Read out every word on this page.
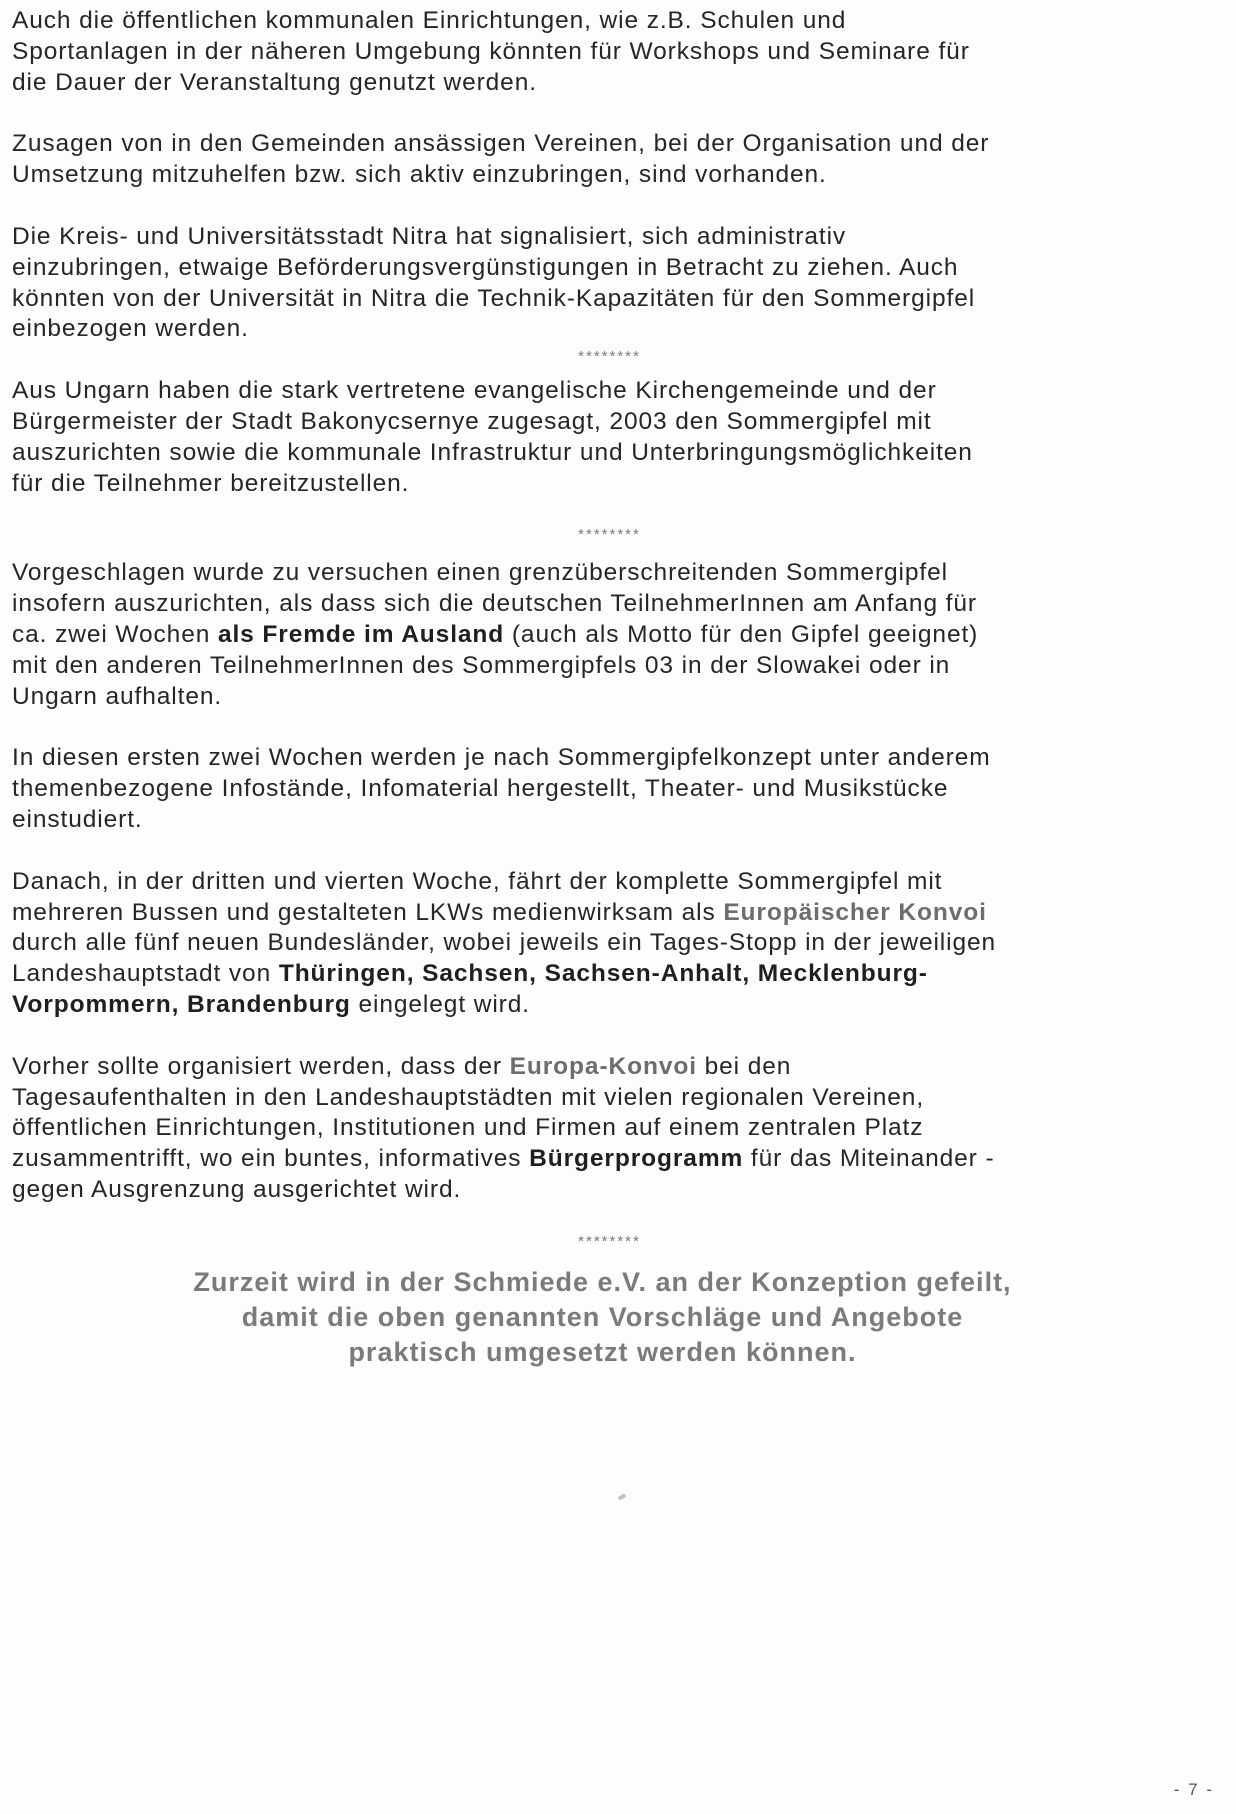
Auch die öffentlichen kommunalen Einrichtungen, wie z.B. Schulen und
Sportanlagen in der näheren Umgebung könnten für Workshops und Seminare für
die Dauer der Veranstaltung genutzt werden.
Zusagen von in den Gemeinden ansässigen Vereinen, bei der Organisation und der
Umsetzung mitzuhelfen bzw. sich aktiv einzubringen, sind vorhanden.
Die Kreis- und Universitätsstadt Nitra hat signalisiert, sich administrativ
einzubringen, etwaige Beförderungsvergünstigungen in Betracht zu ziehen. Auch
könnten von der Universität in Nitra die Technik-Kapazitäten für den Sommergipfel
einbezogen werden.
********
Aus Ungarn haben die stark vertretene evangelische Kirchengemeinde und der
Bürgermeister der Stadt Bakonycsernye zugesagt, 2003 den Sommergipfel mit
auszurichten sowie die kommunale Infrastruktur und Unterbringungsmöglichkeiten
für die Teilnehmer bereitzustellen.
********
Vorgeschlagen wurde zu versuchen einen grenzüberschreitenden Sommergipfel
insofern auszurichten, als dass sich die deutschen TeilnehmerInnen am Anfang für
ca. zwei Wochen als Fremde im Ausland (auch als Motto für den Gipfel geeignet)
mit den anderen TeilnehmerInnen des Sommergipfels 03 in der Slowakei oder in
Ungarn aufhalten.
In diesen ersten zwei Wochen werden je nach Sommergipfelkonzept unter anderem
themenbezogene Infostände, Infomaterial hergestellt, Theater- und Musikstücke
einstudiert.
Danach, in der dritten und vierten Woche, fährt der komplette Sommergipfel mit
mehreren Bussen und gestalteten LKWs medienwirksam als Europäischer Konvoi
durch alle fünf neuen Bundesländer, wobei jeweils ein Tages-Stopp in der jeweiligen
Landeshauptstadt von Thüringen, Sachsen, Sachsen-Anhalt, Mecklenburg-
Vorpommern, Brandenburg eingelegt wird.
Vorher sollte organisiert werden, dass der Europa-Konvoi bei den
Tagesaufenthalten in den Landeshauptstädten mit vielen regionalen Vereinen,
öffentlichen Einrichtungen, Institutionen und Firmen auf einem zentralen Platz
zusammentrifft, wo ein buntes, informatives Bürgerprogramm für das Miteinander -
gegen Ausgrenzung ausgerichtet wird.
********
Zurzeit wird in der Schmiede e.V. an der Konzeption gefeilt,
damit die oben genannten Vorschläge und Angebote
praktisch umgesetzt werden können.
- 7 -
